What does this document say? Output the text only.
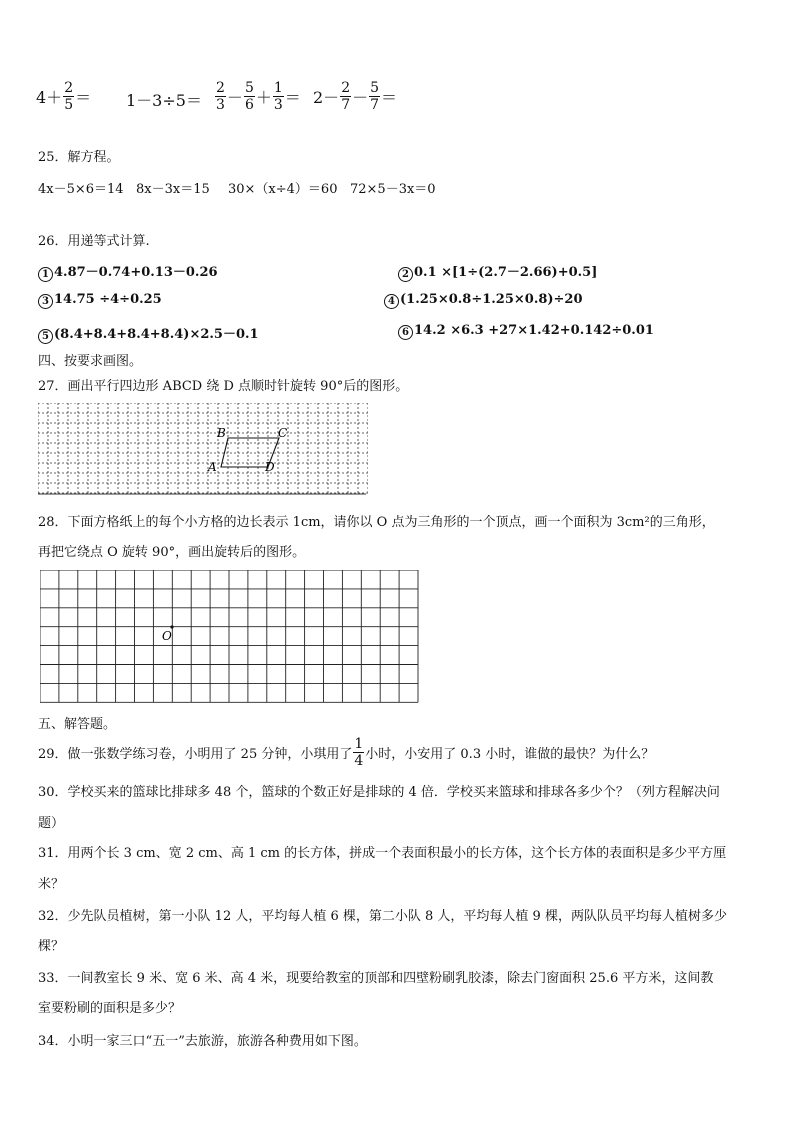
$4+ \frac{2}{5} = 1-3\div 5= \frac{2}{3} - \frac{5}{6} + \frac{1}{3} = 2- \frac{2}{7} - \frac{5}{7}$ ＝
25．解方程。
4x－5×6＝14 8x－3x＝15 30×（x÷4）＝60 72×5－3x＝0
26．用递等式计算.
1 4.87－0.74+0.13－0.26	2 0.1 ×[1÷(2.7－2.66)+0.5]
3 14.75 ÷4÷0.25	4 (1.25×0.8÷1.25×0.8)÷20
5 (8.4+8.4+8.4+8.4)×2.5－0.1	6 14.2 ×6.3 +27×1.42+0.142÷0.01
四、按要求画图。
27．画出平行四边形 ABCD 绕 D 点顺时针旋转 90°后的图形。
B	C
A	D
28．下面方格纸上的每个小方格的边长表示 1cm，请你以 O 点为三角形的一个顶点，画一个面积为 3cm²的三角形，
再把它绕点 O 旋转 90°，画出旋转后的图形。
O
五、解答题。
29．做一张数学练习卷，小明用了 25 分钟，小琪用了 $\frac{1}{4}$ 小时，小安用了 0.3 小时，谁做的最快？为什么？
30．学校买来的篮球比排球多 48 个，篮球的个数正好是排球的 4 倍．学校买来篮球和排球各多少个？（列方程解决问
题）
31．用两个长 3 cm、宽 2 cm、高 1 cm 的长方体，拼成一个表面积最小的长方体，这个长方体的表面积是多少平方厘
米？
32．少先队员植树，第一小队 12 人，平均每人植 6 棵，第二小队 8 人，平均每人植 9 棵，两队队员平均每人植树多少
棵？
33．一间教室长 9 米、宽 6 米、高 4 米，现要给教室的顶部和四壁粉刷乳胶漆，除去门窗面积 25.6 平方米，这间教
室要粉刷的面积是多少？
34．小明一家三口“五一”去旅游，旅游各种费用如下图。
